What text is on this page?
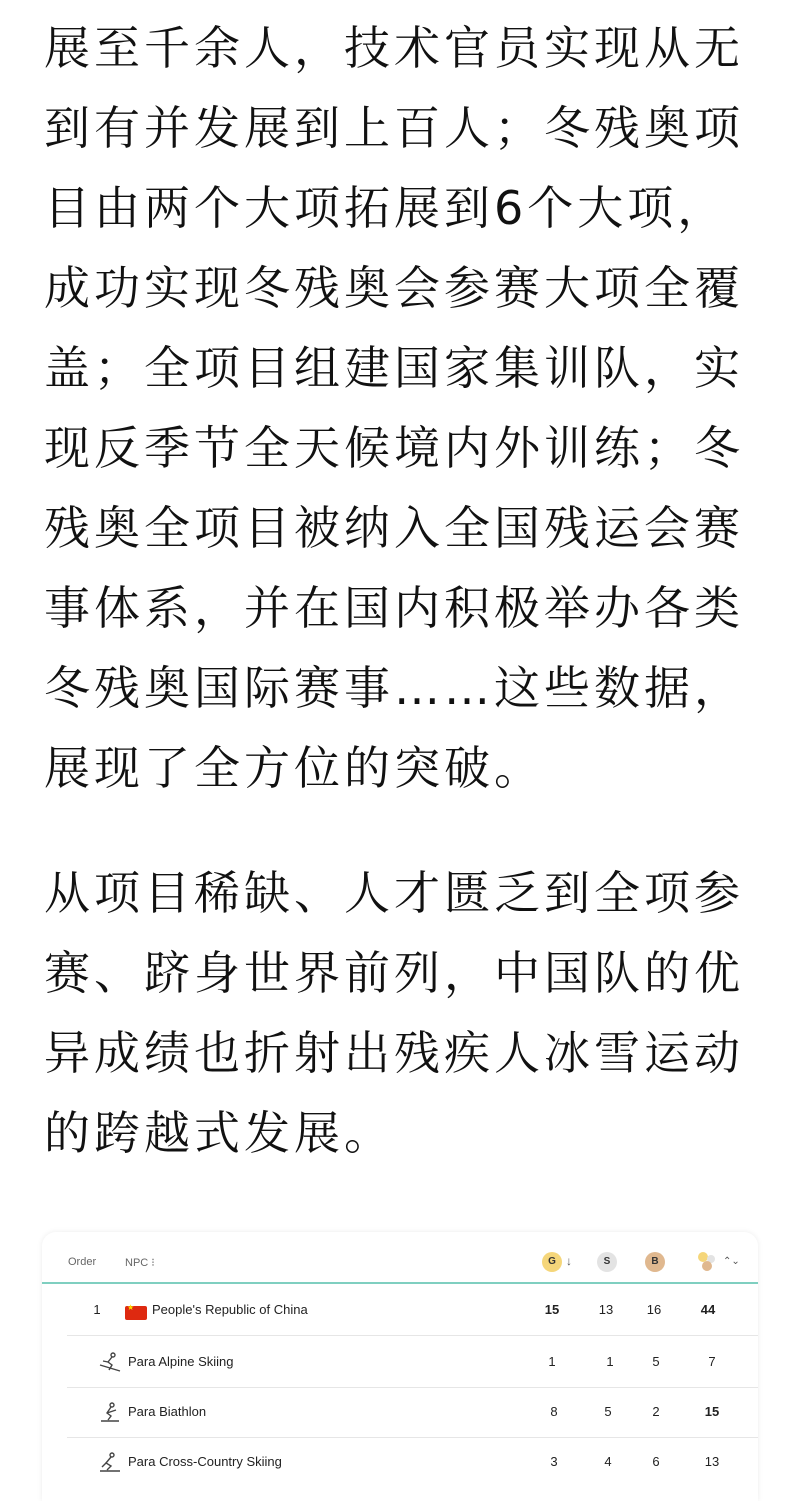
展至千余人，技术官员实现从无
到有并发展到上百人；冬残奥项
目由两个大项拓展到6个大项，
成功实现冬残奥会参赛大项全覆
盖；全项目组建国家集训队，实
现反季节全天候境内外训练；冬
残奥全项目被纳入全国残运会赛
事体系，并在国内积极举办各类
冬残奥国际赛事……这些数据，
展现了全方位的突破。
从项目稀缺、人才匮乏到全项参
赛、跻身世界前列，中国队的优
异成绩也折射出残疾人冰雪运动
的跨越式发展。
Order	NPC ⁝	G ↓	S	B	⌃⌄
1
★	People's Republic of China	15	13	16	44
Para Alpine Skiing	1	1	5	7
Para Biathlon	8	5	2	15
Para Cross-Country Skiing	3	4	6	13
